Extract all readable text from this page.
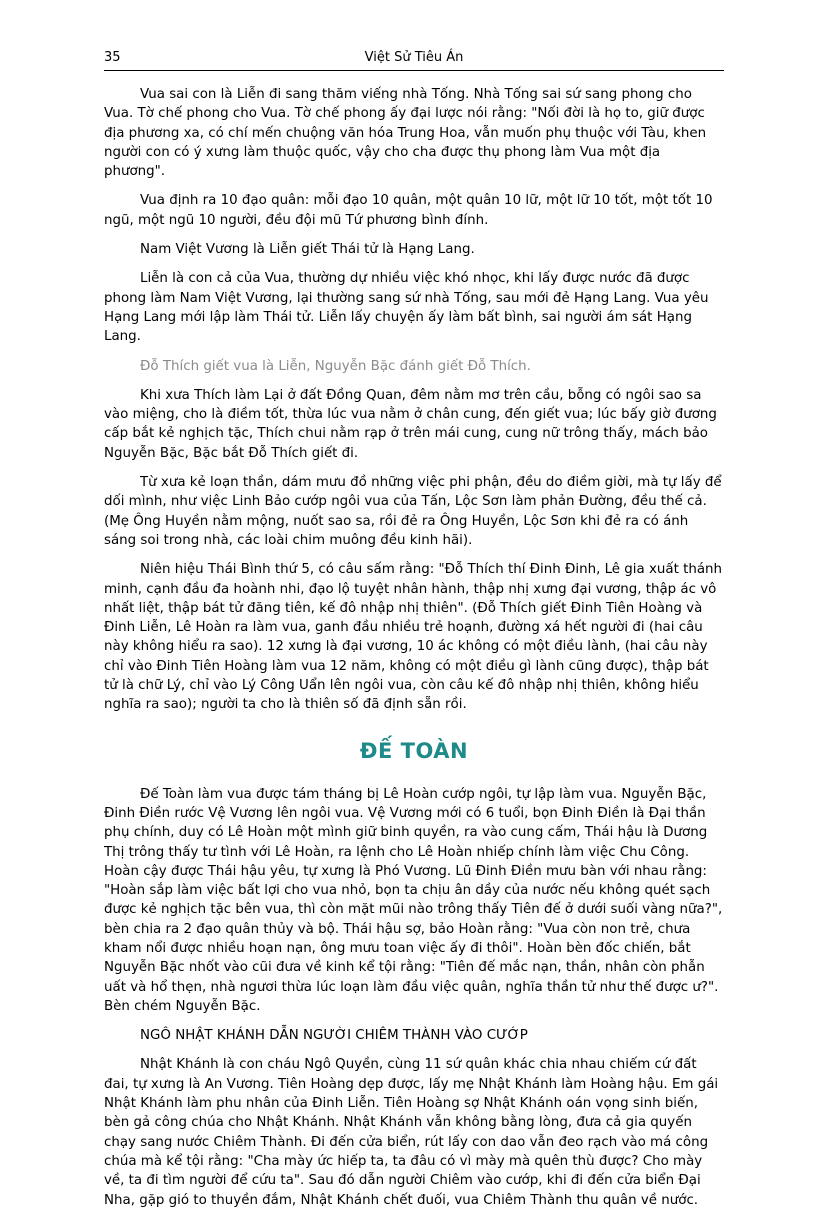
35	Việt Sử Tiêu Án

Vua sai con là Liễn đi sang thăm viếng nhà Tống. Nhà Tống sai sứ sang phong cho Vua. Tờ chế phong cho Vua. Tờ chế phong ấy đại lược nói rằng: "Nối đời là họ to, giữ được địa phương xa, có chí mến chuộng văn hóa Trung Hoa, vẫn muốn phụ thuộc với Tàu, khen người con có ý xưng làm thuộc quốc, vậy cho cha được thụ phong làm Vua một địa phương".

Vua định ra 10 đạo quân: mỗi đạo 10 quân, một quân 10 lữ, một lữ 10 tốt, một tốt 10 ngũ, một ngũ 10 người, đều đội mũ Tứ phương bình đính.

Nam Việt Vương là Liễn giết Thái tử là Hạng Lang.

Liễn là con cả của Vua, thường dự nhiều việc khó nhọc, khi lấy được nước đã được phong làm Nam Việt Vương, lại thường sang sứ nhà Tống, sau mới đẻ Hạng Lang. Vua yêu Hạng Lang mới lập làm Thái tử. Liễn lấy chuyện ấy làm bất bình, sai người ám sát Hạng Lang.

Đỗ Thích giết vua là Liễn, Nguyễn Bặc đánh giết Đỗ Thích.

Khi xưa Thích làm Lại ở đất Đồng Quan, đêm nằm mơ trên cầu, bỗng có ngôi sao sa vào miệng, cho là điềm tốt, thừa lúc vua nằm ở chân cung, đến giết vua; lúc bấy giờ đương cấp bắt kẻ nghịch tặc, Thích chui nằm rạp ở trên mái cung, cung nữ trông thấy, mách bảo Nguyễn Bặc, Bặc bắt Đỗ Thích giết đi.

Từ xưa kẻ loạn thần, dám mưu đồ những việc phi phận, đều do điềm giời, mà tự lấy để dối mình, như việc Linh Bảo cướp ngôi vua của Tấn, Lộc Sơn làm phản Đường, đều thế cả. (Mẹ Ông Huyền nằm mộng, nuốt sao sa, rồi đẻ ra Ông Huyền, Lộc Sơn khi đẻ ra có ánh sáng soi trong nhà, các loài chim muông đều kinh hãi).

Niên hiệu Thái Bình thứ 5, có câu sấm rằng: "Đỗ Thích thí Đinh Đinh, Lê gia xuất thánh minh, cạnh đầu đa hoành nhi, đạo lộ tuyệt nhân hành, thập nhị xưng đại vương, thập ác vô nhất liệt, thập bát tử đăng tiên, kế đô nhập nhị thiên". (Đỗ Thích giết Đinh Tiên Hoàng và Đinh Liễn, Lê Hoàn ra làm vua, ganh đầu nhiều trẻ hoạnh, đường xá hết người đi (hai câu này không hiểu ra sao). 12 xưng là đại vương, 10 ác không có một điều lành, (hai câu này chỉ vào Đinh Tiên Hoàng làm vua 12 năm, không có một điều gì lành cũng được), thập bát tử là chữ Lý, chỉ vào Lý Công Uẩn lên ngôi vua, còn câu kế đô nhập nhị thiên, không hiểu nghĩa ra sao); người ta cho là thiên số đã định sẵn rồi.

ĐẾ TOÀN

Đế Toàn làm vua được tám tháng bị Lê Hoàn cướp ngôi, tự lập làm vua. Nguyễn Bặc, Đinh Điền rước Vệ Vương lên ngôi vua. Vệ Vương mới có 6 tuổi, bọn Đinh Điền là Đại thần phụ chính, duy có Lê Hoàn một mình giữ binh quyền, ra vào cung cấm, Thái hậu là Dương Thị trông thấy tư tình với Lê Hoàn, ra lệnh cho Lê Hoàn nhiếp chính làm việc Chu Công. Hoàn cậy được Thái hậu yêu, tự xưng là Phó Vương. Lũ Đinh Điền mưu bàn với nhau rằng: "Hoàn sắp làm việc bất lợi cho vua nhỏ, bọn ta chịu ân dầy của nước nếu không quét sạch được kẻ nghịch tặc bên vua, thì còn mặt mũi nào trông thấy Tiên đế ở dưới suối vàng nữa?", bèn chia ra 2 đạo quân thủy và bộ. Thái hậu sợ, bảo Hoàn rằng: "Vua còn non trẻ, chưa kham nổi được nhiều hoạn nạn, ông mưu toan việc ấy đi thôi". Hoàn bèn đốc chiến, bắt Nguyễn Bặc nhốt vào cũi đưa về kinh kể tội rằng: "Tiên đế mắc nạn, thần, nhân còn phẫn uất và hổ thẹn, nhà ngươi thừa lúc loạn làm đầu việc quân, nghĩa thần tử như thế được ư?". Bèn chém Nguyễn Bặc.

NGÔ NHẬT KHÁNH DẪN NGƯỜI CHIÊM THÀNH VÀO CƯỚP

Nhật Khánh là con cháu Ngô Quyền, cùng 11 sứ quân khác chia nhau chiếm cứ đất đai, tự xưng là An Vương. Tiên Hoàng dẹp được, lấy mẹ Nhật Khánh làm Hoàng hậu. Em gái Nhật Khánh làm phu nhân của Đinh Liễn. Tiên Hoàng sợ Nhật Khánh oán vọng sinh biến, bèn gả công chúa cho Nhật Khánh. Nhật Khánh vẫn không bằng lòng, đưa cả gia quyến chạy sang nước Chiêm Thành. Đi đến cửa biển, rút lấy con dao vẫn đeo rạch vào má công chúa mà kể tội rằng: "Cha mày ức hiếp ta, ta đâu có vì mày mà quên thù được? Cho mày về, ta đi tìm người để cứu ta". Sau đó dẫn người Chiêm vào cướp, khi đi đến cửa biển Đại Nha, gặp gió to thuyền đắm, Nhật Khánh chết đuối, vua Chiêm Thành thu quân về nước.
